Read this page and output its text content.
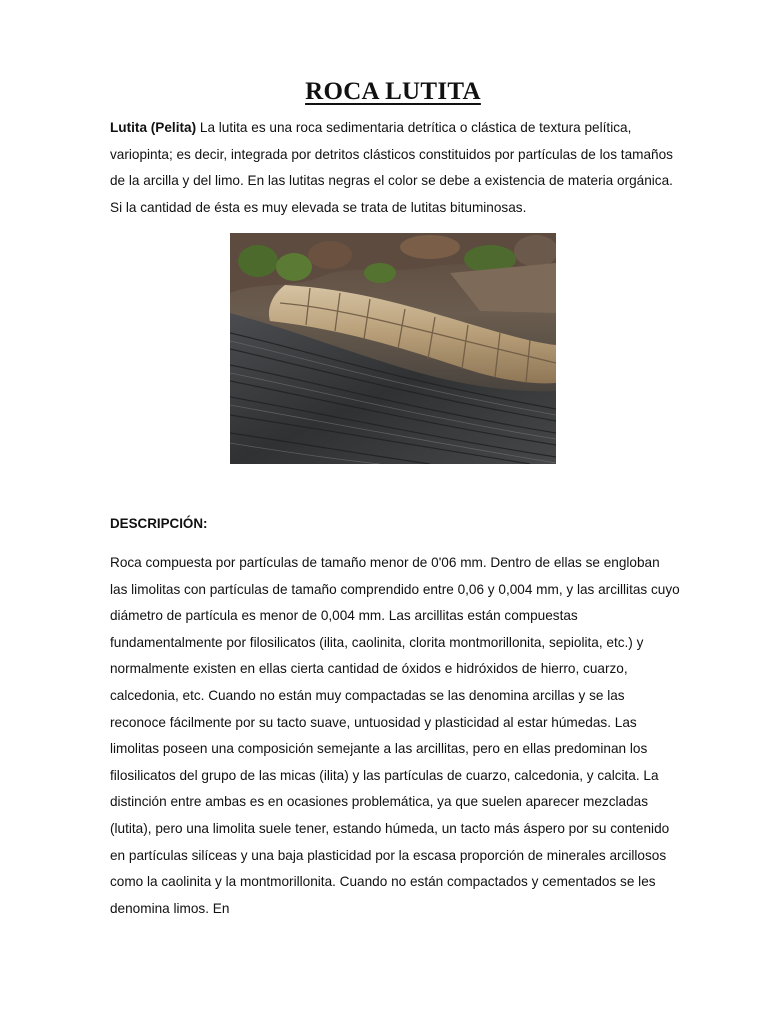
ROCA LUTITA

Lutita (Pelita) La lutita es una roca sedimentaria detrítica o clástica de textura pelítica, variopinta; es decir, integrada por detritos clásticos constituidos por partículas de los tamaños de la arcilla y del limo. En las lutitas negras el color se debe a existencia de materia orgánica. Si la cantidad de ésta es muy elevada se trata de lutitas bituminosas.

DESCRIPCIÓN:

Roca compuesta por partículas de tamaño menor de 0'06 mm. Dentro de ellas se engloban las limolitas con partículas de tamaño comprendido entre 0,06 y 0,004 mm, y las arcillitas cuyo diámetro de partícula es menor de 0,004 mm. Las arcillitas están compuestas fundamentalmente por filosilicatos (ilita, caolinita, clorita montmorillonita, sepiolita, etc.) y normalmente existen en ellas cierta cantidad de óxidos e hidróxidos de hierro, cuarzo, calcedonia, etc. Cuando no están muy compactadas se las denomina arcillas y se las reconoce fácilmente por su tacto suave, untuosidad y plasticidad al estar húmedas. Las limolitas poseen una composición semejante a las arcillitas, pero en ellas predominan los filosilicatos del grupo de las micas (ilita) y las partículas de cuarzo, calcedonia, y calcita. La distinción entre ambas es en ocasiones problemática, ya que suelen aparecer mezcladas (lutita), pero una limolita suele tener, estando húmeda, un tacto más áspero por su contenido en partículas silíceas y una baja plasticidad por la escasa proporción de minerales arcillosos como la caolinita y la montmorillonita. Cuando no están compactados y cementados se les denomina limos. En
